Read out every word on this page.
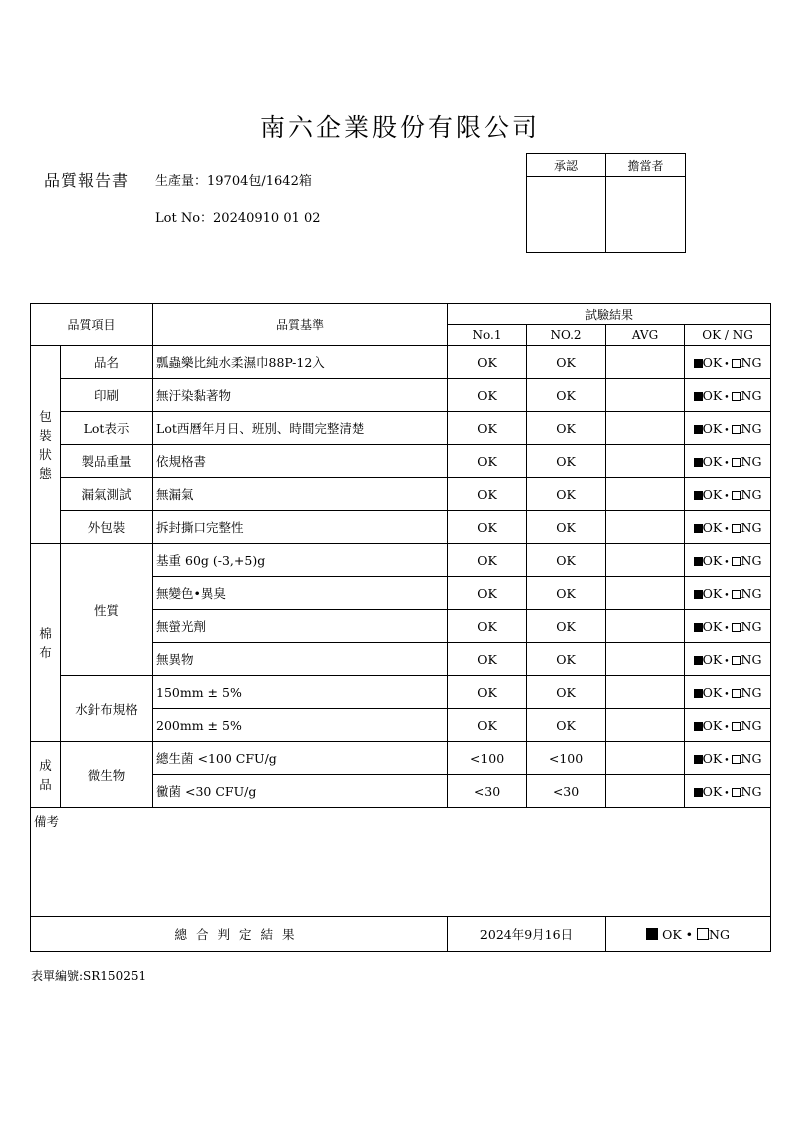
南六企業股份有限公司
品質報告書 生產量：19704包/1642箱
Lot No：20240910 01 02
承認	擔當者

品質項目		品質基準	試驗結果			
			No.1	NO.2	AVG	OK / NG
包
裝
狀
態	品名	瓢蟲樂比純水柔濕巾88P-12入	OK	OK		OK • NG
	印刷	無汙染黏著物	OK	OK		OK • NG
	Lot表示	Lot西曆年月日、班別、時間完整清楚	OK	OK		OK • NG
	製品重量	依規格書	OK	OK		OK • NG
	漏氣測試	無漏氣	OK	OK		OK • NG
	外包裝	拆封撕口完整性	OK	OK		OK • NG
棉
布	性質	基重 60g (-3,+5)g	OK	OK		OK • NG
		無變色•異臭	OK	OK		OK • NG
		無螢光劑	OK	OK		OK • NG
		無異物	OK	OK		OK • NG
	水針布規格	150mm ± 5%	OK	OK		OK • NG
		200mm ± 5%	OK	OK		OK • NG
成
品	微生物	總生菌 <100 CFU/g	<100	<100		OK • NG
		黴菌 <30 CFU/g	<30	<30		OK • NG
備考						
總合判定結果			2024年9月16日		OK • NG	
表單編號:SR150251
